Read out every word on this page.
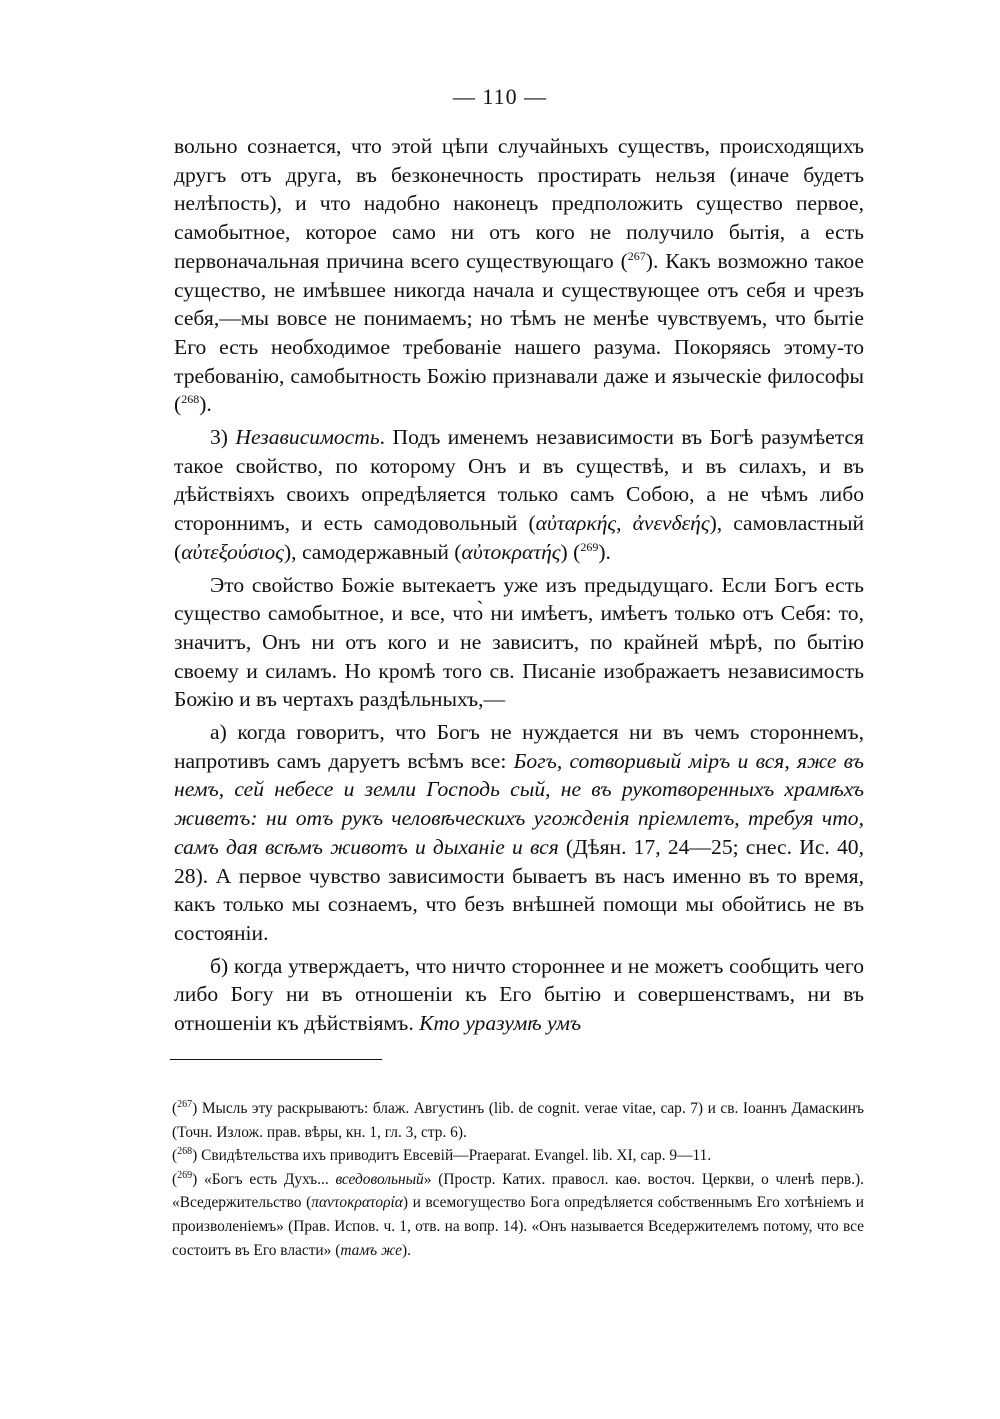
— 110 —

вольно сознается, что этой цѣпи случайныхъ существъ, происходящихъ другъ отъ друга, въ безконечность простирать нельзя (иначе будетъ нелѣпость), и что надобно наконецъ предположить существо первое, самобытное, которое само ни отъ кого не получило бытія, а есть первоначальная причина всего существующаго ($^{267}$). Какъ возможно такое существо, не имѣвшее никогда начала и существующее отъ себя и чрезъ себя,—мы вовсе не понимаемъ; но тѣмъ не менѣе чувствуемъ, что бытіе Его есть необходимое требованіе нашего разума. Покоряясь этому-то требованію, самобытность Божію признавали даже и языческіе философы ($^{268}$).

3) Независимость. Подъ именемъ независимости въ Богѣ разумѣется такое свойство, по которому Онъ и въ существѣ, и въ силахъ, и въ дѣйствіяхъ своихъ опредѣляется только самъ Собою, а не чѣмъ либо стороннимъ, и есть самодовольный (αὐταρκής, ἀνενδεής), самовластный (αὐτεξούσιος), самодержавный (αὐτοκρατής) ($^{269}$).

Это свойство Божіе вытекаетъ уже изъ предыдущаго. Если Богъ есть существо самобытное, и все, что̀ ни имѣетъ, имѣетъ только отъ Себя: то, значитъ, Онъ ни отъ кого и не зависитъ, по крайней мѣрѣ, по бытію своему и силамъ. Но кромѣ того св. Писаніе изображаетъ независимость Божію и въ чертахъ раздѣльныхъ,—

а) когда говоритъ, что Богъ не нуждается ни въ чемъ стороннемъ, напротивъ самъ даруетъ всѣмъ все: Богъ, сотворивый міръ и вся, яже въ немъ, сей небесе и земли Господь сый, не въ рукотворенныхъ храмѣхъ живетъ: ни отъ рукъ человѣческихъ угожденія пріемлетъ, требуя что, самъ дая всѣмъ животъ и дыханіе и вся (Дѣян. 17, 24—25; снес. Ис. 40, 28). А первое чувство зависимости бываетъ въ насъ именно въ то время, какъ только мы сознаемъ, что безъ внѣшней помощи мы обойтись не въ состояніи.

б) когда утверждаетъ, что ничто стороннее и не можетъ сообщить чего либо Богу ни въ отношеніи къ Его бытію и совершенствамъ, ни въ отношеніи къ дѣйствіямъ. Кто уразумѣ умъ

($^{267}$) Мысль эту раскрываютъ: блаж. Августинъ (lib. de cognit. verae vitae, cap. 7) и св. Іоаннъ Дамаскинъ (Точн. Излож. прав. вѣры, кн. 1, гл. 3, стр. 6).

($^{268}$) Свидѣтельства ихъ приводитъ Евсевій—Praeparat. Evangel. lib. XI, cap. 9—11.

($^{269}$) «Богъ есть Духъ... вседовольный» (Простр. Катих. правосл. каѳ. восточ. Церкви, о членѣ перв.). «Вседержительство (παντοκρατορία) и всемогущество Бога опредѣляется собственнымъ Его хотѣніемъ и произволеніемъ» (Прав. Испов. ч. 1, отв. на вопр. 14). «Онъ называется Вседержителемъ потому, что все состоитъ въ Его власти» (тамъ же).
